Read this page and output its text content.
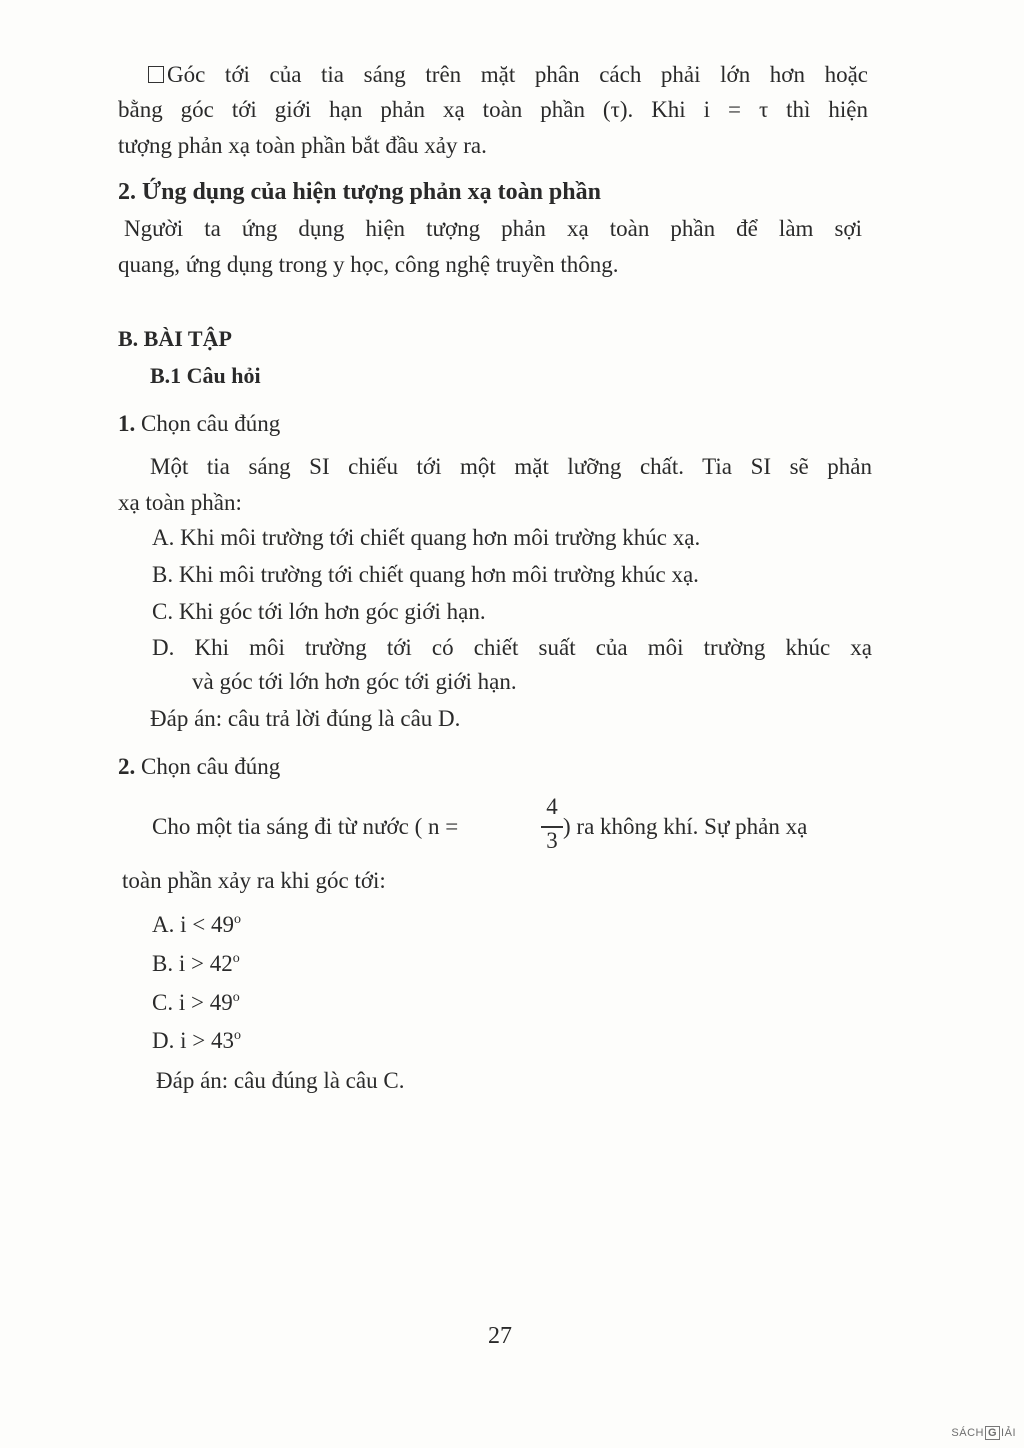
Góc tới của tia sáng trên mặt phân cách phải lớn hơn hoặc
bằng góc tới giới hạn phản xạ toàn phần (τ). Khi i = τ thì hiện
tượng phản xạ toàn phần bắt đầu xảy ra.
2. Ứng dụng của hiện tượng phản xạ toàn phần
Người ta ứng dụng hiện tượng phản xạ toàn phần để làm sợi
quang, ứng dụng trong y học, công nghệ truyền thông.
B. BÀI TẬP
B.1 Câu hỏi
1. Chọn câu đúng
Một tia sáng SI chiếu tới một mặt lưỡng chất. Tia SI sẽ phản
xạ toàn phần:
A. Khi môi trường tới chiết quang hơn môi trường khúc xạ.
B. Khi môi trường tới chiết quang hơn môi trường khúc xạ.
C. Khi góc tới lớn hơn góc giới hạn.
D. Khi môi trường tới có chiết suất của môi trường khúc xạ
và góc tới lớn hơn góc tới giới hạn.
Đáp án: câu trả lời đúng là câu D.
2. Chọn câu đúng
Cho một tia sáng đi từ nước ( n =
4
3
) ra không khí. Sự phản xạ
toàn phần xảy ra khi góc tới:
A. $i < 49^o$
B. $i > 42^o$
C. $i > 49^o$
D. $i > 43^o$
Đáp án: câu đúng là câu C.
27
SÁCH G IẢI
